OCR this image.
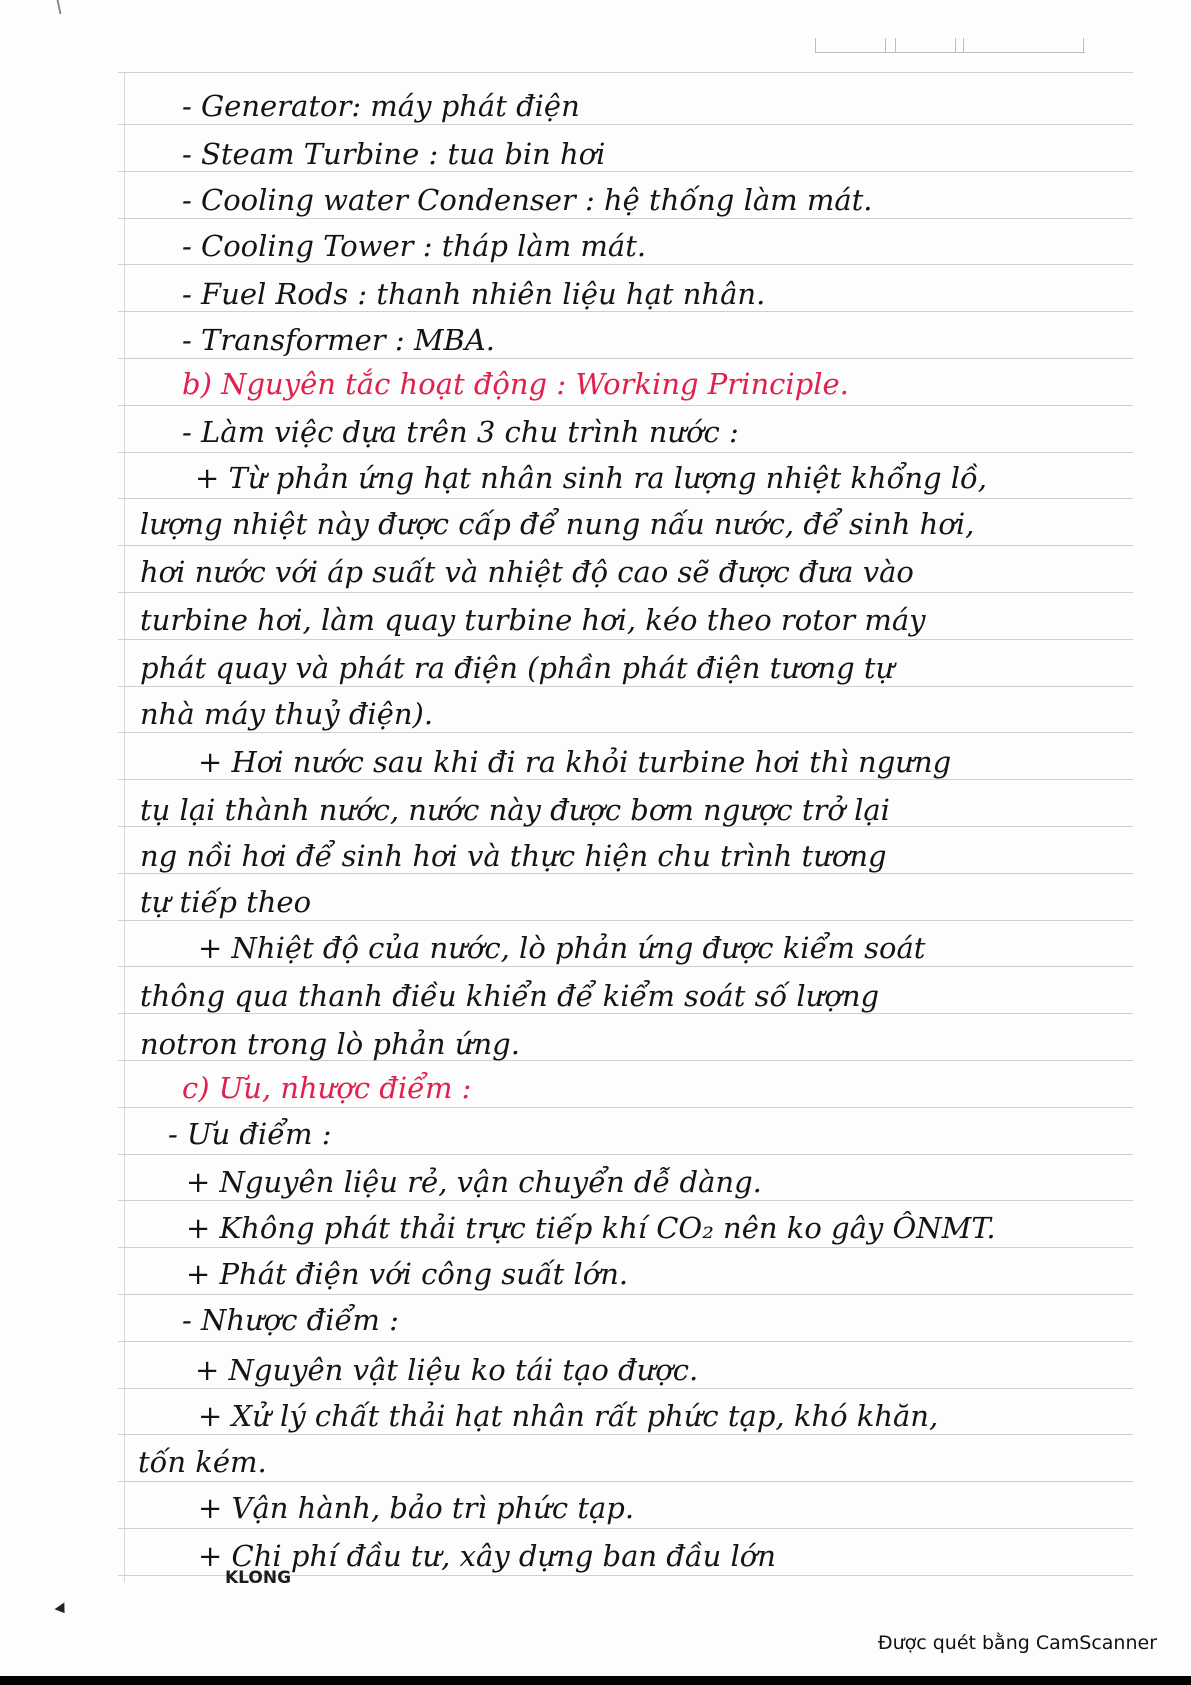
- Generator: máy phát điện
- Steam Turbine : tua bin hơi
- Cooling water Condenser : hệ thống làm mát.
- Cooling Tower : tháp làm mát.
- Fuel Rods : thanh nhiên liệu hạt nhân.
- Transformer : MBA.
b) Nguyên tắc hoạt động : Working Principle.
- Làm việc dựa trên 3 chu trình nước :
+ Từ phản ứng hạt nhân sinh ra lượng nhiệt khổng lồ,
lượng nhiệt này được cấp để nung nấu nước, để sinh hơi,
hơi nước với áp suất và nhiệt độ cao sẽ được đưa vào
turbine hơi, làm quay turbine hơi, kéo theo rotor máy
phát quay và phát ra điện (phần phát điện tương tự
nhà máy thuỷ điện).
+ Hơi nước sau khi đi ra khỏi turbine hơi thì ngưng
tụ lại thành nước, nước này được bơm ngược trở lại
ng nồi hơi để sinh hơi và thực hiện chu trình tương
tự tiếp theo
+ Nhiệt độ của nước, lò phản ứng được kiểm soát
thông qua thanh điều khiển để kiểm soát số lượng
notron trong lò phản ứng.
c) Ưu, nhược điểm :
- Ưu điểm :
+ Nguyên liệu rẻ, vận chuyển dễ dàng.
+ Không phát thải trực tiếp khí CO₂ nên ko gây ÔNMT.
+ Phát điện với công suất lớn.
- Nhược điểm :
+ Nguyên vật liệu ko tái tạo được.
+ Xử lý chất thải hạt nhân rất phức tạp, khó khăn,
tốn kém.
+ Vận hành, bảo trì phức tạp.
+ Chi phí đầu tư, xây dựng ban đầu lớn
KLONG
Được quét bằng CamScanner
